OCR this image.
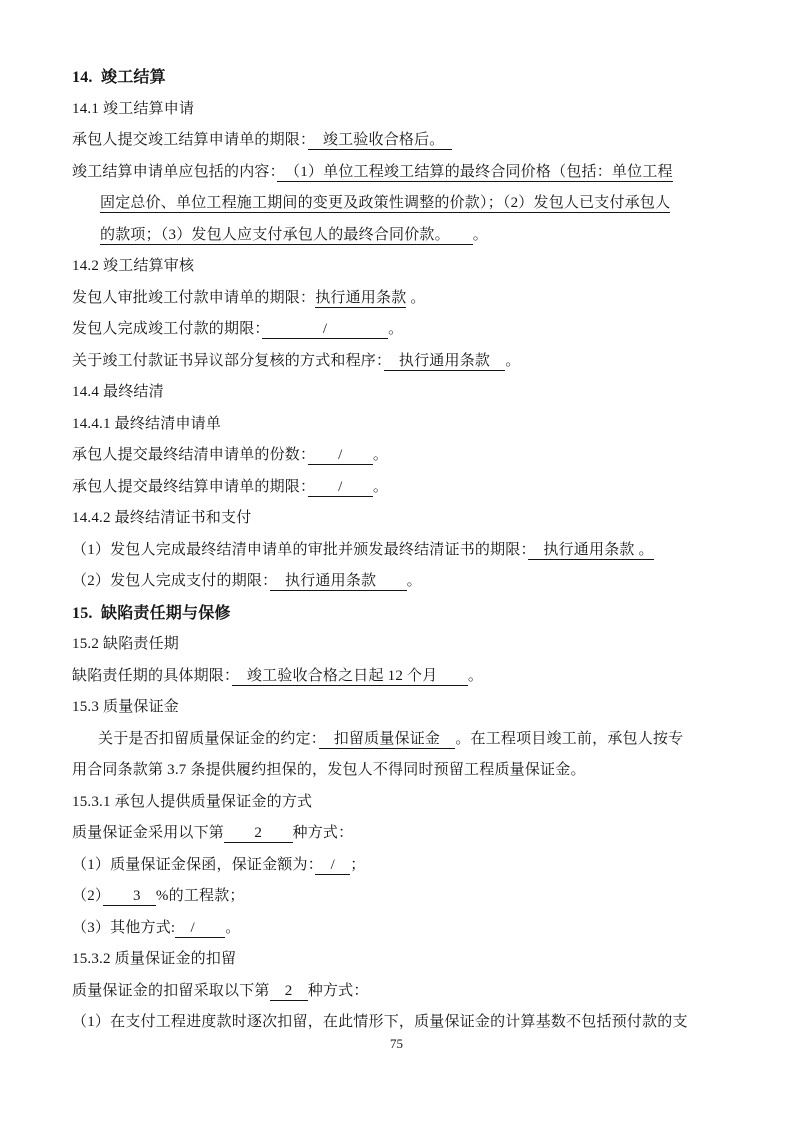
14.  竣工结算

14.1 竣工结算申请

承包人提交竣工结算申请单的期限：　竣工验收合格后。　

竣工结算申请单应包括的内容：　（1）单位工程竣工结算的最终合同价格（包括：单位工程

固定总价、单位工程施工期间的变更及政策性调整的价款）；（2）发包人已支付承包人

的款项；（3）发包人应支付承包人的最终合同价款。　　。

14.2 竣工结算审核

发包人审批竣工付款申请单的期限：执行通用条款 。

发包人完成竣工付款的期限：　　　　/　　　　。

关于竣工付款证书异议部分复核的方式和程序：　执行通用条款　。

14.4 最终结清

14.4.1 最终结清申请单

承包人提交最终结清申请单的份数：　　/　　。

承包人提交最终结算申请单的期限：　　/　　。

14.4.2 最终结清证书和支付

（1）发包人完成最终结清申请单的审批并颁发最终结清证书的期限：　执行通用条款 。

（2）发包人完成支付的期限：　执行通用条款　　。

15.  缺陷责任期与保修

15.2 缺陷责任期

缺陷责任期的具体期限：　竣工验收合格之日起 12 个月　　。

15.3 质量保证金

关于是否扣留质量保证金的约定：　扣留质量保证金　。在工程项目竣工前，承包人按专

用合同条款第 3.7 条提供履约担保的，发包人不得同时预留工程质量保证金。

15.3.1 承包人提供质量保证金的方式

质量保证金采用以下第　　2　　种方式：

（1）质量保证金保函，保证金额为：　/　；

（2）　　3　%的工程款；

（3）其他方式:　/　　。

15.3.2 质量保证金的扣留

质量保证金的扣留采取以下第　2　种方式：

（1）在支付工程进度款时逐次扣留，在此情形下，质量保证金的计算基数不包括预付款的支

75
